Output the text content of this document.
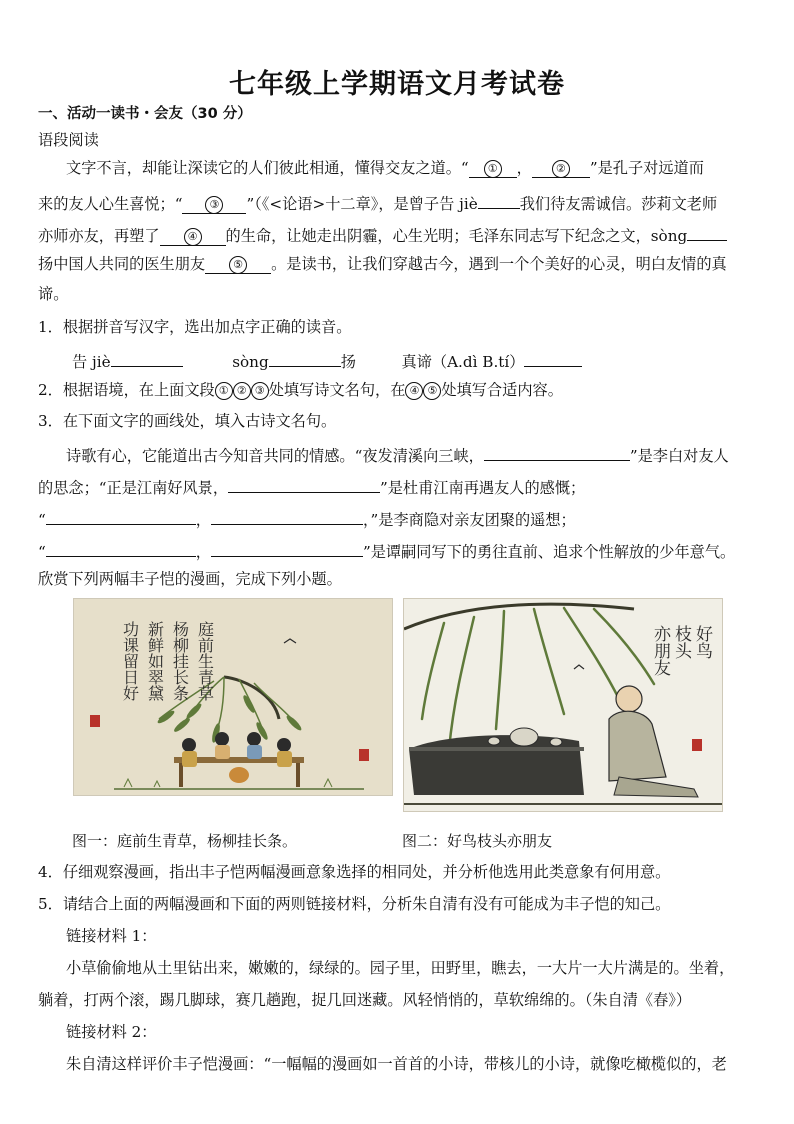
七年级上学期语文月考试卷
一、活动一读书・会友（30 分）
语段阅读
文字不言，却能让深读它的人们彼此相通，懂得交友之道。“ ① ， ② ”是孔子对远道而
来的友人心生喜悦；“ ③ ”（《<论语>十二章》，是曾子告 jiè	我们待友需诚信。莎莉文老师
亦师亦友，再塑了	④ 的生命，让她走出阴霾，心生光明；毛泽东同志写下纪念之文，sòng
扬中国人共同的医生朋友	⑤ 。是读书，让我们穿越古今，遇到一个个美好的心灵，明白友情的真
谛。
1．根据拼音写汉字，选出加点字正确的读音。
告 jiè	sòng	扬	真谛（A.dì B.tí）
2．根据语境，在上面文段 ① ② ③ 处填写诗文名句，在 ④ ⑤ 处填写合适内容。
3．在下面文字的画线处，填入古诗文名句。
诗歌有心，它能道出古今知音共同的情感。“夜发清溪向三峡，	”是李白对友人
的思念；“正是江南好风景，	”是杜甫江南再遇友人的感慨；
“	，	，”是李商隐对亲友团聚的遥想；
“	，	”是谭嗣同写下的勇往直前、追求个性解放的少年意气。
欣赏下列两幅丰子恺的漫画，完成下列小题。
庭前生青草
杨柳挂长条
新鲜如翠黛
功课留日好	好鸟
枝头
亦朋友
图一：庭前生青草，杨柳挂长条。	图二：好鸟枝头亦朋友
4．仔细观察漫画，指出丰子恺两幅漫画意象选择的相同处，并分析他选用此类意象有何用意。
5．请结合上面的两幅漫画和下面的两则链接材料，分析朱自清有没有可能成为丰子恺的知己。
链接材料 1：
小草偷偷地从土里钻出来，嫩嫩的，绿绿的。园子里，田野里，瞧去，一大片一大片满是的。坐着，
躺着，打两个滚，踢几脚球，赛几趟跑，捉几回迷藏。风轻悄悄的，草软绵绵的。（朱自清《春》）
链接材料 2：
朱自清这样评价丰子恺漫画：“一幅幅的漫画如一首首的小诗，带核儿的小诗，就像吃橄榄似的，老
